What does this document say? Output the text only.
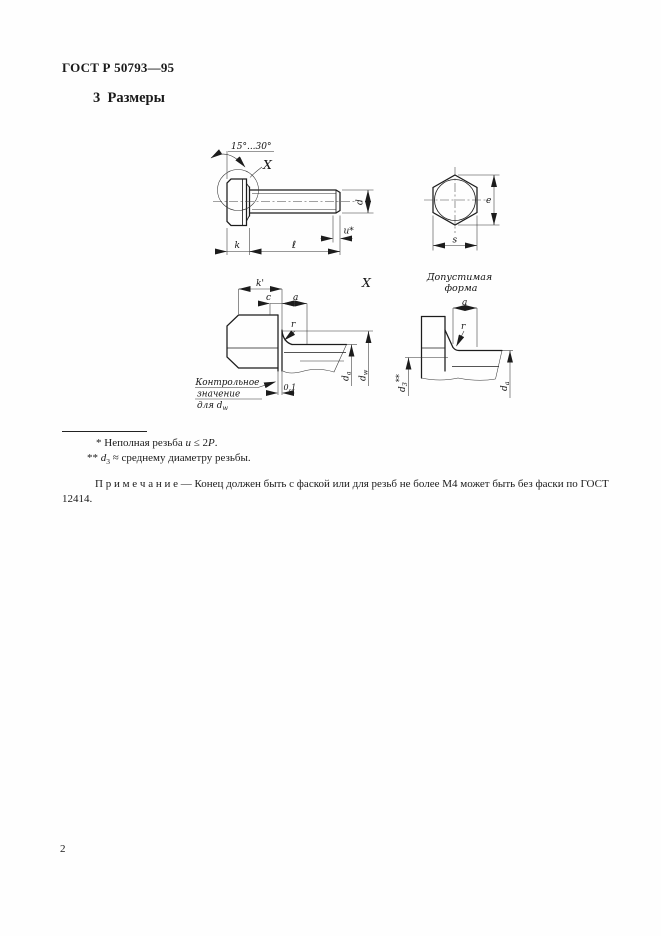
ГОСТ Р 50793—95
3  Размеры
15°...30°
X
d
u*
k	ℓ
e
s
X
k'
c a
r
$d_a$
$d_w$
0,1
Контрольное
значение
для $d_w$
Допустимая
форма
a
r
$d_3**$
$d_a$
* Неполная резьба u ≤ 2P.
** $d_3$ ≈ среднему диаметру резьбы.
П р и м е ч а н и е — Конец должен быть с фаской или для резьб не более М4 может быть без фаски по ГОСТ 12414.
2
